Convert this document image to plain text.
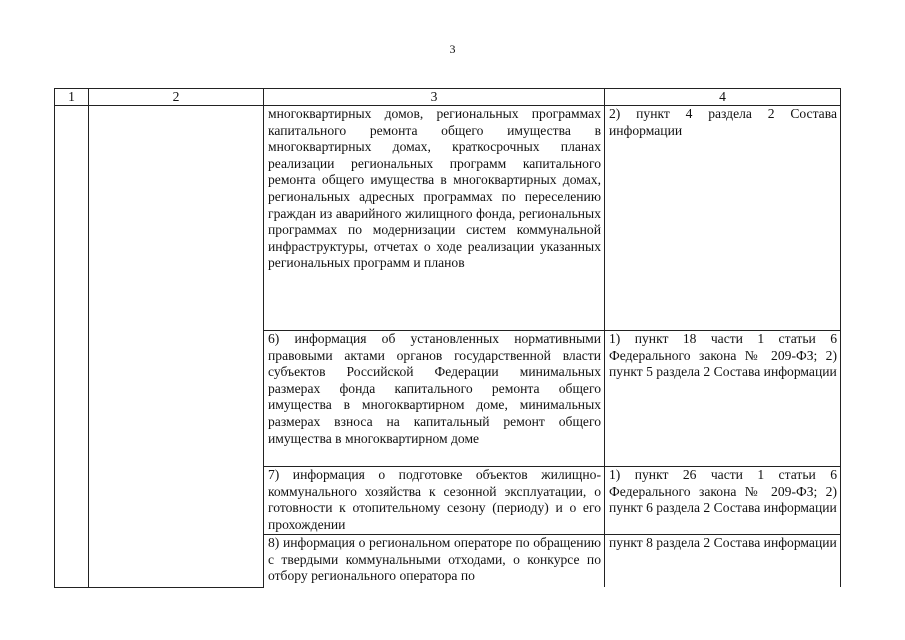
3
1	2	3	4
		многоквартирных домов, региональных программах капитального ремонта общего имущества в многоквартирных домах, краткосрочных планах реализации региональных программ капитального ремонта общего имущества в многоквартирных домах, региональных адресных программах по переселению граждан из аварийного жилищного фонда, региональных программах по модернизации систем коммунальной инфраструктуры, отчетах о ходе реализации указанных региональных программ и планов	2) пункт 4 раздела 2 Состава информации
		6) информация об установленных нормативными правовыми актами органов государственной власти субъектов Российской Федерации минимальных размерах фонда капитального ремонта общего имущества в многоквартирном доме, минимальных размерах взноса на капитальный ремонт общего имущества в многоквартирном доме	1) пункт 18 части 1 статьи 6 Федерального закона № 209-ФЗ; 2) пункт 5 раздела 2 Состава информации
		7) информация о подготовке объектов жилищно-коммунального хозяйства к сезонной эксплуатации, о готовности к отопительному сезону (периоду) и о его прохождении	1) пункт 26 части 1 статьи 6 Федерального закона № 209-ФЗ; 2) пункт 6 раздела 2 Состава информации
		8) информация о региональном операторе по обращению с твердыми коммунальными отходами, о конкурсе по отбору регионального оператора по	пункт 8 раздела 2 Состава информации
